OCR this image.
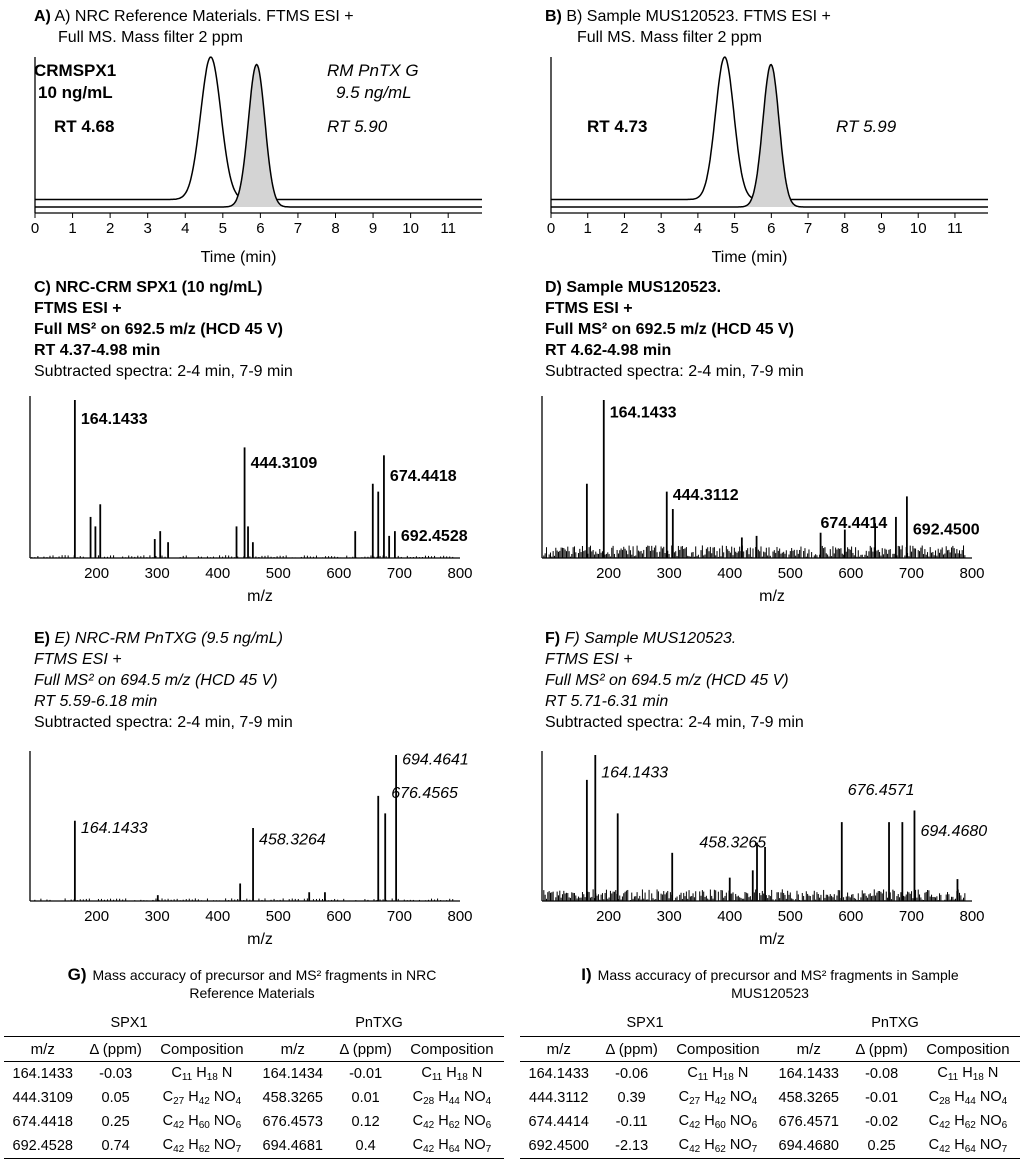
A) A) NRC Reference Materials. FTMS ESI +
Full MS. Mass filter 2 ppm
0 1 2 3 4 5 6 7 8 9 10 11
Time (min)
CRMSPX1
10 ng/mL
RT 4.68
RM PnTX G
9.5 ng/mL
RT 5.90
B) B) Sample MUS120523. FTMS ESI +
Full MS. Mass filter 2 ppm
0 1 2 3 4 5 6 7 8 9 10 11
Time (min)
RT 4.73	RT 5.99
C) NRC-CRM SPX1 (10 ng/mL)
FTMS ESI +
Full MS² on 692.5 m/z (HCD 45 V)
RT 4.37-4.98 min
Subtracted spectra: 2-4 min, 7-9 min
200 300 400 500 600 700 800
m/z
164.1433
444.3109
674.4418
692.4528
D) Sample MUS120523.
FTMS ESI +
Full MS² on 692.5 m/z (HCD 45 V)
RT 4.62-4.98 min
Subtracted spectra: 2-4 min, 7-9 min
200 300 400 500 600 700 800
m/z
164.1433
444.3112
674.4414 692.4500
E) E) NRC-RM PnTXG (9.5 ng/mL)
FTMS ESI +
Full MS² on 694.5 m/z (HCD 45 V)
RT 5.59-6.18 min
Subtracted spectra: 2-4 min, 7-9 min
200 300 400 500 600 700 800
m/z
164.1433
458.3264
676.4565
694.4641
F) F) Sample MUS120523.
FTMS ESI +
Full MS² on 694.5 m/z (HCD 45 V)
RT 5.71-6.31 min
Subtracted spectra: 2-4 min, 7-9 min
200 300 400 500 600 700 800
m/z
164.1433
458.3265
676.4571
694.4680
G) Mass accuracy of precursor and MS² fragments in NRC
Reference Materials
SPX1			PnTXG		
m/z	Δ (ppm)	Composition	m/z	Δ (ppm)	Composition
164.1433	-0.03	$C_{11}$ $H_{18}$ N	164.1434	-0.01	$C_{11}$ $H_{18}$ N
444.3109	0.05	$C_{27}$ $H_{42}$ $NO_4$	458.3265	0.01	$C_{28}$ $H_{44}$ $NO_4$
674.4418	0.25	$C_{42}$ $H_{60}$ $NO_6$	676.4573	0.12	$C_{42}$ $H_{62}$ $NO_6$
692.4528	0.74	$C_{42}$ $H_{62}$ $NO_7$	694.4681	0.4	$C_{42}$ $H_{64}$ $NO_7$
I) Mass accuracy of precursor and MS² fragments in Sample
MUS120523
SPX1			PnTXG		
m/z	Δ (ppm)	Composition	m/z	Δ (ppm)	Composition
164.1433	-0.06	$C_{11}$ $H_{18}$ N	164.1433	-0.08	$C_{11}$ $H_{18}$ N
444.3112	0.39	$C_{27}$ $H_{42}$ $NO_4$	458.3265	-0.01	$C_{28}$ $H_{44}$ $NO_4$
674.4414	-0.11	$C_{42}$ $H_{60}$ $NO_6$	676.4571	-0.02	$C_{42}$ $H_{62}$ $NO_6$
692.4500	-2.13	$C_{42}$ $H_{62}$ $NO_7$	694.4680	0.25	$C_{42}$ $H_{64}$ $NO_7$
